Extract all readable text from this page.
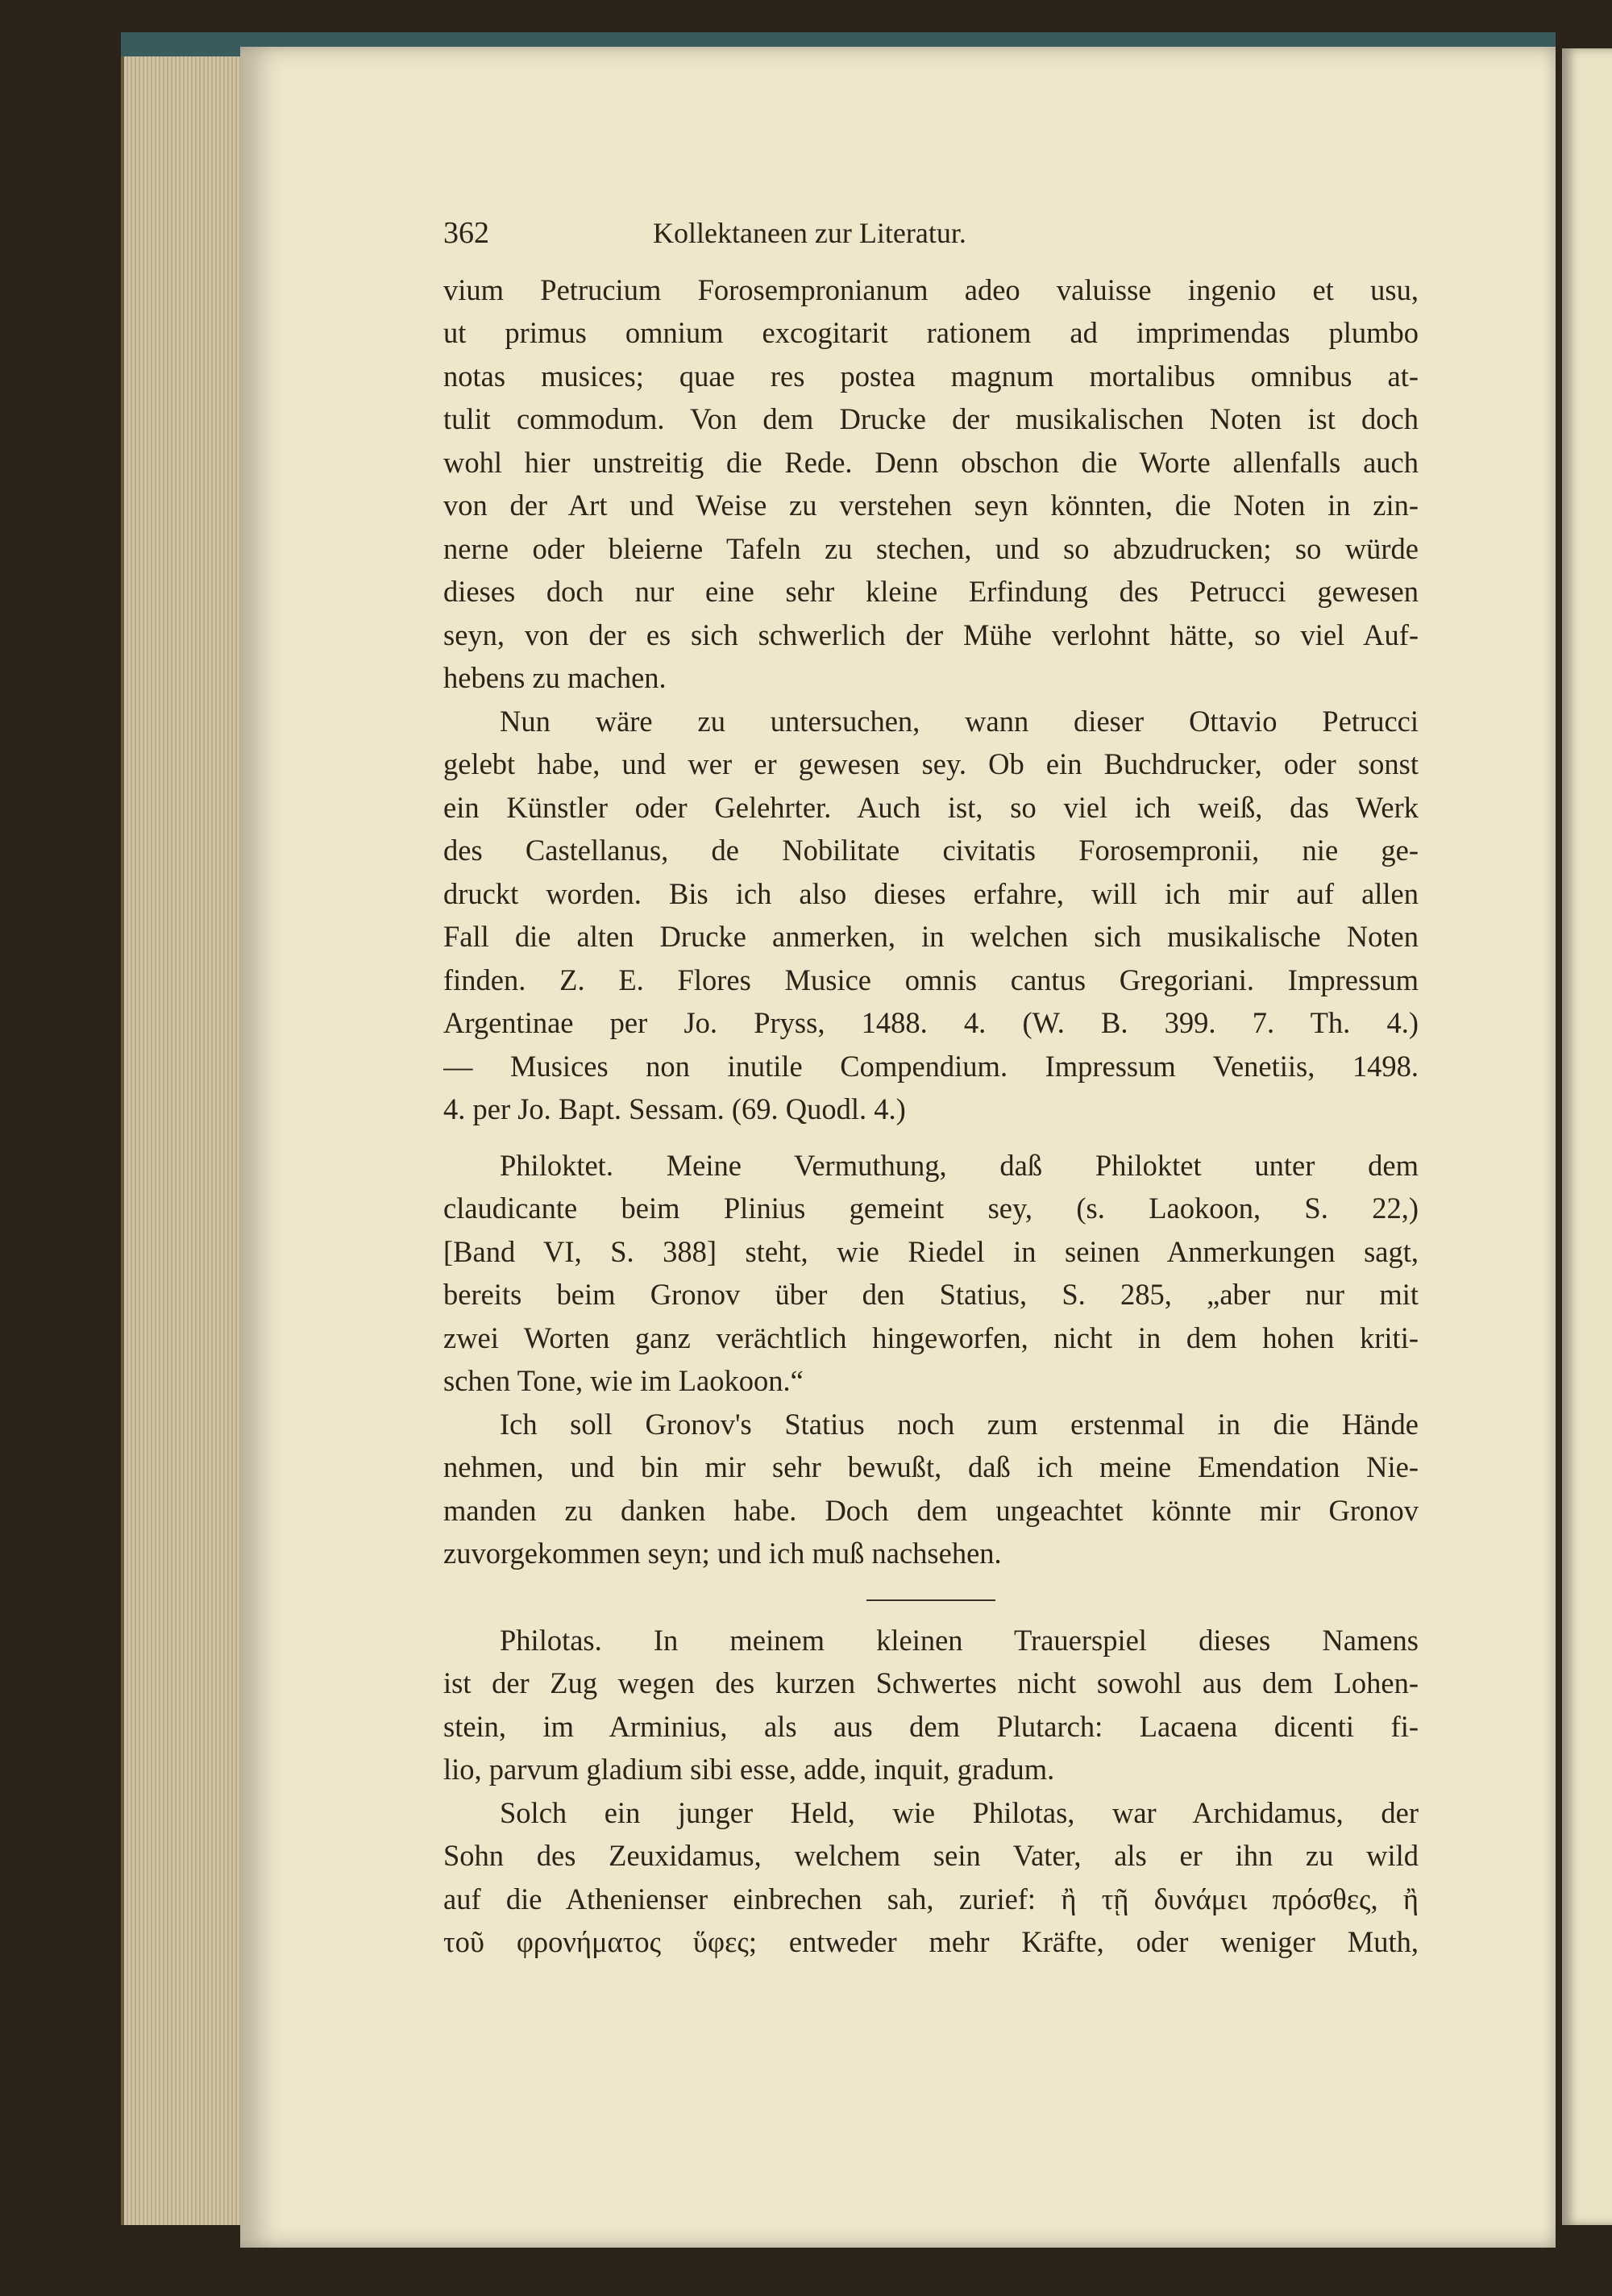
362	Kollektaneen zur Literatur.
vium Petrucium Forosempronianum adeo valuisse ingenio et usu,
ut primus omnium excogitarit rationem ad imprimendas plumbo
notas musices; quae res postea magnum mortalibus omnibus at-
tulit commodum. Von dem Drucke der musikalischen Noten ist doch
wohl hier unstreitig die Rede. Denn obschon die Worte allenfalls auch
von der Art und Weise zu verstehen seyn könnten, die Noten in zin-
nerne oder bleierne Tafeln zu stechen, und so abzudrucken; so würde
dieses doch nur eine sehr kleine Erfindung des Petrucci gewesen
seyn, von der es sich schwerlich der Mühe verlohnt hätte, so viel Auf-
hebens zu machen.
Nun wäre zu untersuchen, wann dieser Ottavio Petrucci
gelebt habe, und wer er gewesen sey. Ob ein Buchdrucker, oder sonst
ein Künstler oder Gelehrter. Auch ist, so viel ich weiß, das Werk
des Castellanus, de Nobilitate civitatis Forosempronii, nie ge-
druckt worden. Bis ich also dieses erfahre, will ich mir auf allen
Fall die alten Drucke anmerken, in welchen sich musikalische Noten
finden. Z. E. Flores Musice omnis cantus Gregoriani. Impressum
Argentinae per Jo. Pryss, 1488. 4. (W. B. 399. 7. Th. 4.)
— Musices non inutile Compendium. Impressum Venetiis, 1498.
4. per Jo. Bapt. Sessam. (69. Quodl. 4.)
Philoktet. Meine Vermuthung, daß Philoktet unter dem
claudicante beim Plinius gemeint sey, (s. Laokoon, S. 22,)
[Band VI, S. 388] steht, wie Riedel in seinen Anmerkungen sagt,
bereits beim Gronov über den Statius, S. 285, „aber nur mit
zwei Worten ganz verächtlich hingeworfen, nicht in dem hohen kriti-
schen Tone, wie im Laokoon.“
Ich soll Gronov's Statius noch zum erstenmal in die Hände
nehmen, und bin mir sehr bewußt, daß ich meine Emendation Nie-
manden zu danken habe. Doch dem ungeachtet könnte mir Gronov
zuvorgekommen seyn; und ich muß nachsehen.
Philotas. In meinem kleinen Trauerspiel dieses Namens
ist der Zug wegen des kurzen Schwertes nicht sowohl aus dem Lohen-
stein, im Arminius, als aus dem Plutarch: Lacaena dicenti fi-
lio, parvum gladium sibi esse, adde, inquit, gradum.
Solch ein junger Held, wie Philotas, war Archidamus, der
Sohn des Zeuxidamus, welchem sein Vater, als er ihn zu wild
auf die Athenienser einbrechen sah, zurief: ἢ τῇ δυνάμει πρόσθες, ἢ
τοῦ φρονήματος ὕφες; entweder mehr Kräfte, oder weniger Muth,
